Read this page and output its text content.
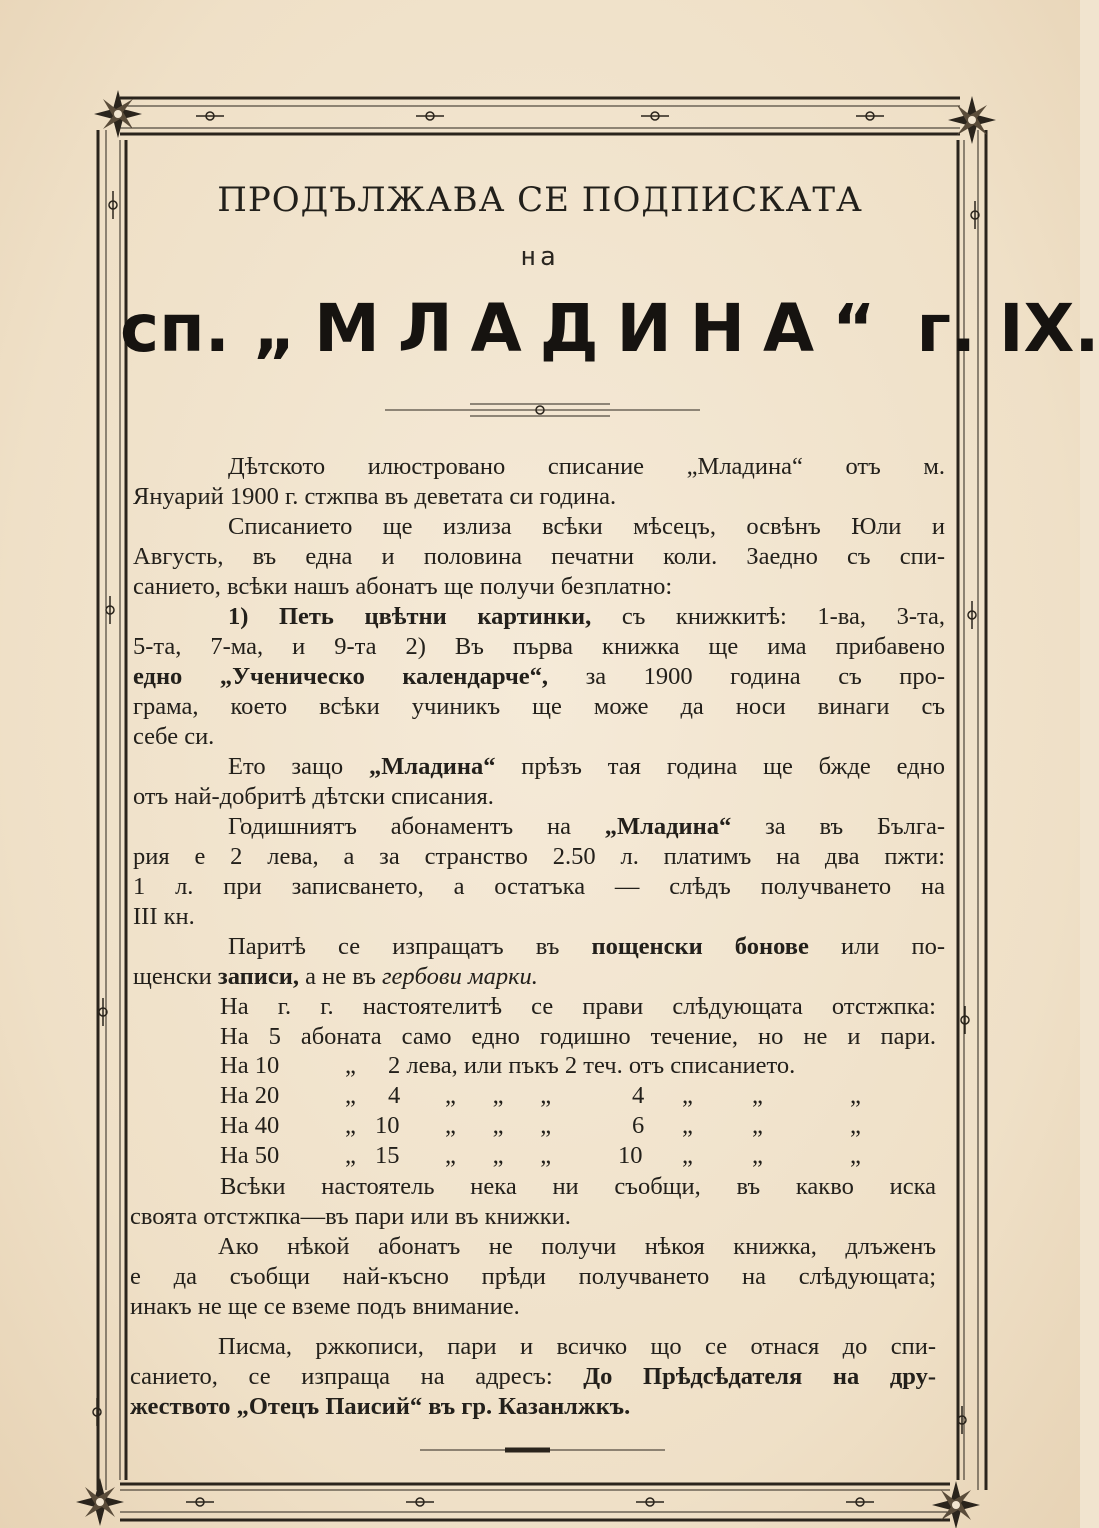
ПРОДЪЛЖАВА СЕ ПОДПИСКАТА
на
сп. „МЛАДИНА“ г. IX.
Дѣтското илюстровано списание „Младина“ отъ м.
Януарий 1900 г. стжпва въ деветата си година.
Списанието ще излиза всѣки мѣсецъ, освѣнъ Юли и
Августь, въ една и половина печатни коли. Заедно съ спи-
санието, всѣки нашъ абонатъ ще получи безплатно:
1) Петь цвѣтни картинки, съ книжкитѣ: 1-ва, 3-та,
5-та, 7-ма, и 9-та 2) Въ първа книжка ще има прибавено
едно „Ученическо календарче“, за 1900 година съ про-
грама, което всѣки учиникъ ще може да носи винаги съ
себе си.
Ето защо „Младина“ прѣзъ тая година ще бжде едно
отъ най-добритѣ дѣтски списания.
Годишниятъ абонаментъ на „Младина“ за въ Бълга-
рия е 2 лева, а за странство 2.50 л. платимъ на два пжти:
1 л. при записването, а остатъка — слѣдъ получването на
III кн.
Паритѣ се изпращатъ въ пощенски бонове или по-
щенски записи, а не въ гербови марки.
На г. г. настоятелитѣ се прави слѣдующата отстжпка:
На 5 абоната само едно годишно течение, но не и пари.
На 10	„ 2 лева, или пъкъ 2 теч. отъ списанието.
На 20	„ 4 „      „      „	4 „ „	„
На 40	„ 10 „      „      „	6 „ „	„
На 50	„ 15 „      „      „	10 „ „	„
Всѣки настоятель нека ни съобщи, въ какво иска
своята отстжпка—въ пари или въ книжки.
Ако нѣкой абонатъ не получи нѣкоя книжка, длъженъ
е да съобщи най-късно прѣди получването на слѣдующата;
инакъ не ще се вземе подъ внимание.
Писма, ржкописи, пари и всичко що се отнася до спи-
санието, се изпраща на адресъ: До Прѣдсѣдателя на дру-
жеството „Отецъ Паисий“ въ гр. Казанлжкъ.
